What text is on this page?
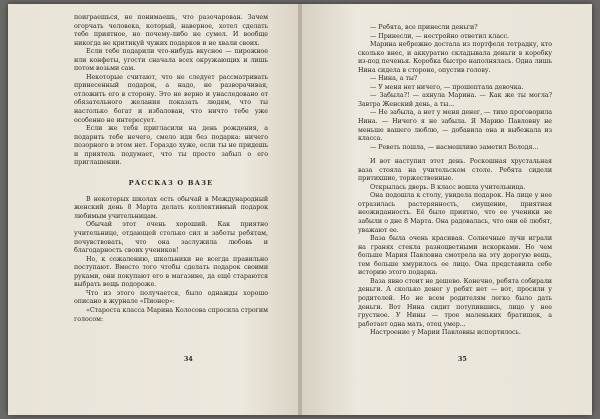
поиграешься, не понимаешь, что разочарован. Зачем огорчать человека, который, наверное, хотел сделать тебе приятное, но почему-либо не сумел. И вообще никогда не критикуй чужих подарков и не хвали своих.

Если тебе подарили что-нибудь вкусное — пирожное или конфеты, угости сначала всех окружающих и лишь потом возьми сам.

Некоторые считают, что не следует рассматривать принесенный подарок, а надо, не разворачивая, отложить его в сторону. Это не верно и унаследовано от обязательного желания показать людям, что ты настолько богат и избалован, что ничто тебе уже особенно не интересует.

Если же тебя пригласили на день рождения, а подарить тебе нечего, смело иди без подарка: ничего позорного в этом нет. Гораздо хуже, если ты не придешь и приятель подумает, что ты просто забыл о его приглашении.

РАССКАЗ О ВАЗЕ

В некоторых школах есть обычай в Международный женский день 8 Марта делать коллективный подарок любимым учительницам.

Обычай этот очень хороший. Как приятно учительнице, отдающей столько сил и заботы ребятам, почувствовать, что она заслужила любовь и благодарность своих учеников!

Но, к сожалению, школьники не всегда правильно поступают. Вместо того чтобы сделать подарок своими руками, они покупают его в магазине, да ещё стараются выбрать вещь подороже.

Что из этого получается, было однажды хорошо описано в журнале «Пионер»:

«Староста класса Марина Колосова спросила строгим голосом:

34

— Ребята, все принесли деньги?

— Принесли, — нестройно ответил класс.

Марина небрежно достала из портфеля тетрадку, кто сколько внес, и аккуратно складывала деньги в коробку из-под печенья. Коробка быстро наполнялась. Одна лишь Нина сидела в стороне, опустив голову.

— Нина, а ты?

— У меня нет ничего, — прошептала девочка.

— Забыла?! — ахнула Марина. — Как же ты могла? Завтра Женский день, а ты...

— Не забыла, а нет у меня денег, — тихо проговорила Нина. — Ничего я не забыла. Я Марию Павловну не меньше вашего люблю, — добавила она и выбежала из класса.

— Реветь пошла, — насмешливо заметил Володя...

И вот наступил этот день. Роскошная хрустальная ваза стояла на учительском столе. Ребята сидели притихшие, торжественные.

Открылась дверь. В класс вошла учительница.

Она подошла к столу, увидела подарок. На лице у нее отразилась растерянность, смущение, приятная неожиданность. Её было приятно, что ее ученики не забыли о дне 8 Марта. Она радовалась, что они её любят, уважают ее.

Ваза была очень красивая. Солнечные лучи играли на гранях стекла разноцветными искорками. Но чем больше Мария Павловна смотрела на эту дорогую вещь, тем больше хмурилось ее лицо. Она представила себе историю этого подарка.

Ваза явно стоит не дешево. Конечно, ребята собирали деньги. А сколько денег у ребят нет — вот, просили у родителей. Но не всем родителям легко было дать деньги. Вот Нина сидит потупившись, лицо у нее грустное. У Нины — трое маленьких братишек, а работает одна мать, отец умер...

Настроение у Марии Павловны испортилось.

35
